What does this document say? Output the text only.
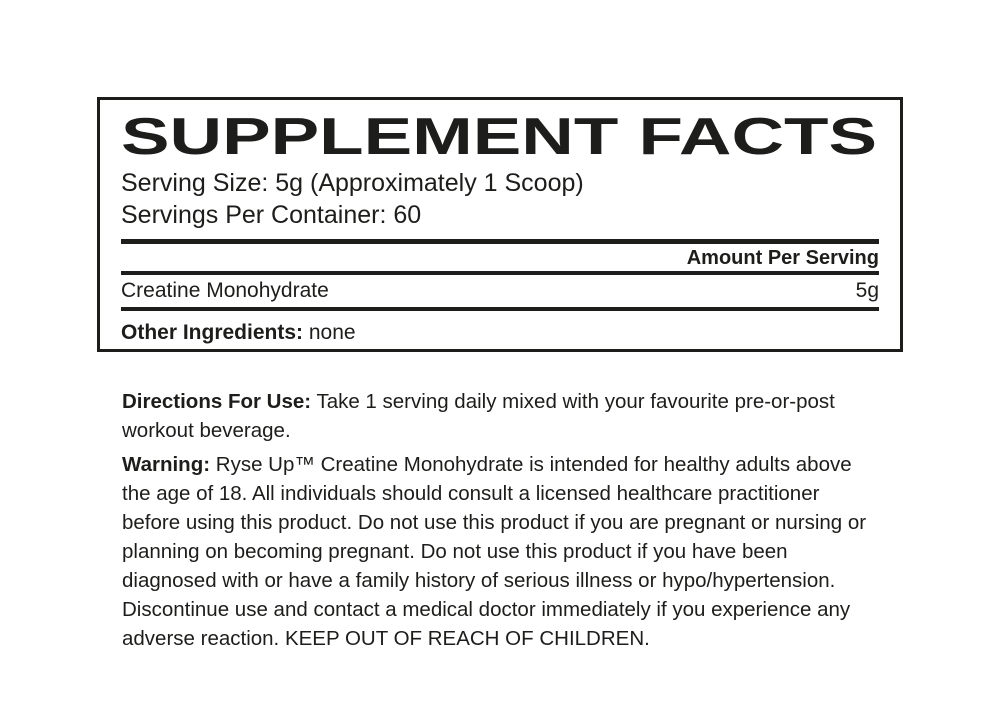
SUPPLEMENT FACTS
Serving Size: 5g (Approximately 1 Scoop)
Servings Per Container: 60
Amount Per Serving
Creatine Monohydrate	5g
Other Ingredients: none

Directions For Use: Take 1 serving daily mixed with your favourite pre-or-post workout beverage.

Warning: Ryse Up™ Creatine Monohydrate is intended for healthy adults above the age of 18. All individuals should consult a licensed healthcare practitioner before using this product. Do not use this product if you are pregnant or nursing or planning on becoming pregnant. Do not use this product if you have been diagnosed with or have a family history of serious illness or hypo/hypertension. Discontinue use and contact a medical doctor immediately if you experience any adverse reaction. KEEP OUT OF REACH OF CHILDREN.
